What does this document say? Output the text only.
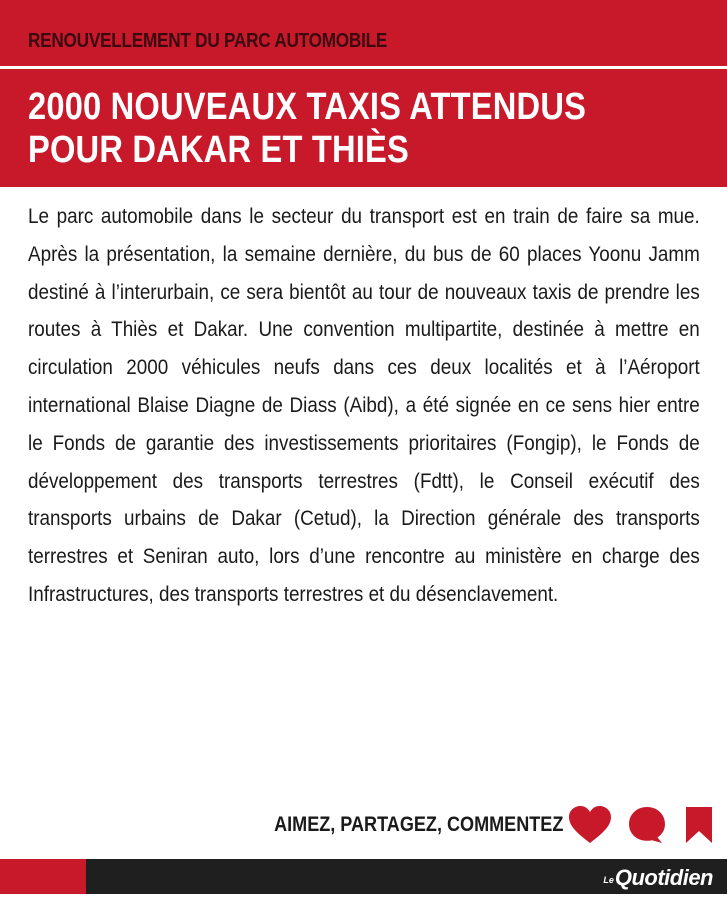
RENOUVELLEMENT DU PARC AUTOMOBILE
2000 NOUVEAUX TAXIS ATTENDUS POUR DAKAR ET THIÈS

Le parc automobile dans le secteur du transport est en train de faire sa mue. Après la présentation, la semaine dernière, du bus de 60 places Yoonu Jamm destiné à l’interurbain, ce sera bientôt au tour de nouveaux taxis de prendre les routes à Thiès et Dakar. Une convention multipartite, destinée à mettre en circulation 2000 véhicules neufs dans ces deux localités et à l’Aéroport international Blaise Diagne de Diass (Aibd), a été signée en ce sens hier entre le Fonds de garantie des investissements prioritaires (Fongip), le Fonds de développement des transports terrestres (Fdtt), le Conseil exécutif des transports urbains de Dakar (Cetud), la Direction générale des transports terrestres et Seniran auto, lors d’une rencontre au ministère en charge des Infrastructures, des transports terrestres et du désenclavement.

AIMEZ, PARTAGEZ, COMMENTEZ
Le Quotidien
